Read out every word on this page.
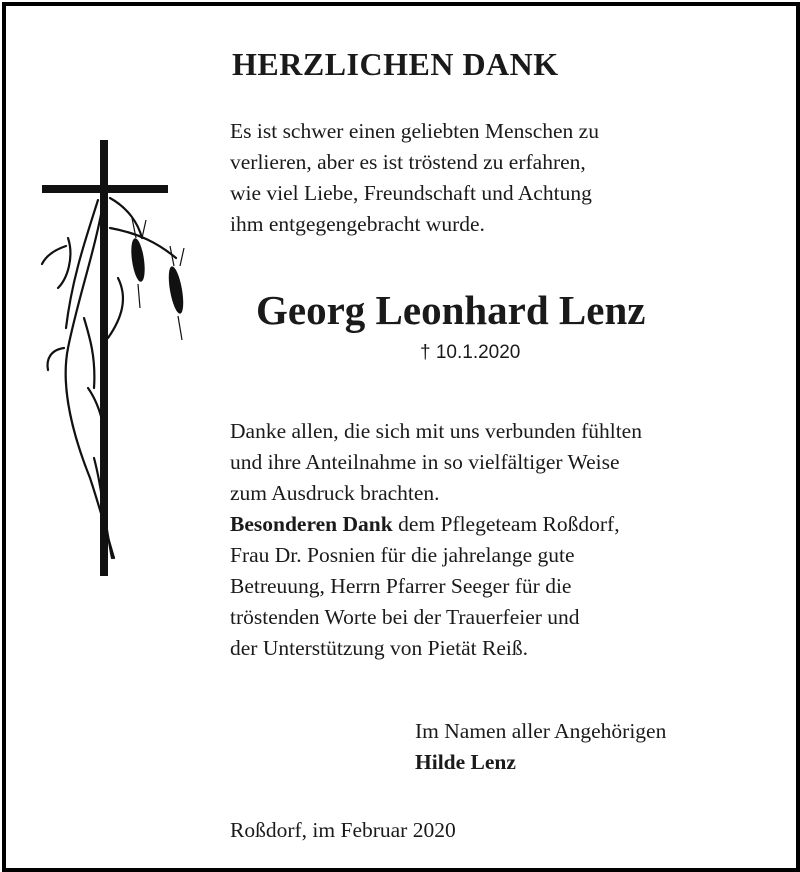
HERZLICHEN DANK
Es ist schwer einen geliebten Menschen zu
verlieren, aber es ist tröstend zu erfahren,
wie viel Liebe, Freundschaft und Achtung
ihm entgegengebracht wurde.
Georg Leonhard Lenz
† 10.1.2020
Danke allen, die sich mit uns verbunden fühlten
und ihre Anteilnahme in so vielfältiger Weise
zum Ausdruck brachten.
Besonderen Dank dem Pflegeteam Roßdorf,
Frau Dr. Posnien für die jahrelange gute
Betreuung, Herrn Pfarrer Seeger für die
tröstenden Worte bei der Trauerfeier und
der Unterstützung von Pietät Reiß.
Im Namen aller Angehörigen
Hilde Lenz
Roßdorf, im Februar 2020
